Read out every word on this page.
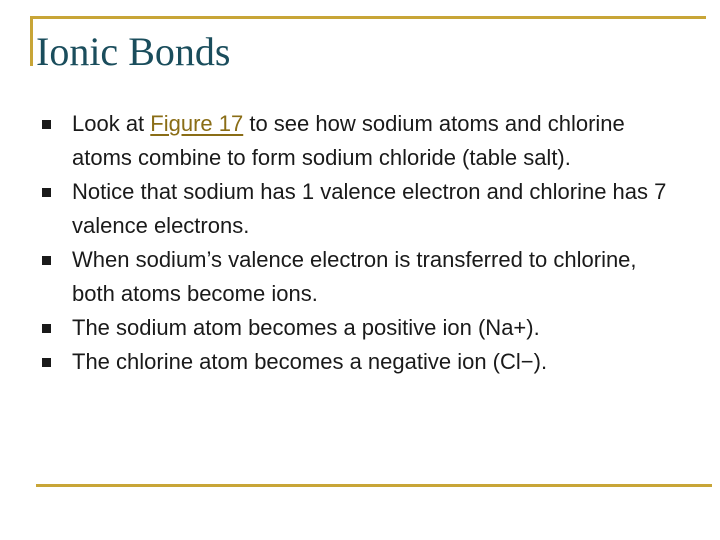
Ionic Bonds
Look at Figure 17 to see how sodium atoms and chlorine atoms combine to form sodium chloride (table salt).
Notice that sodium has 1 valence electron and chlorine has 7 valence electrons.
When sodium’s valence electron is transferred to chlorine, both atoms become ions.
The sodium atom becomes a positive ion (Na+).
The chlorine atom becomes a negative ion (Cl−).
